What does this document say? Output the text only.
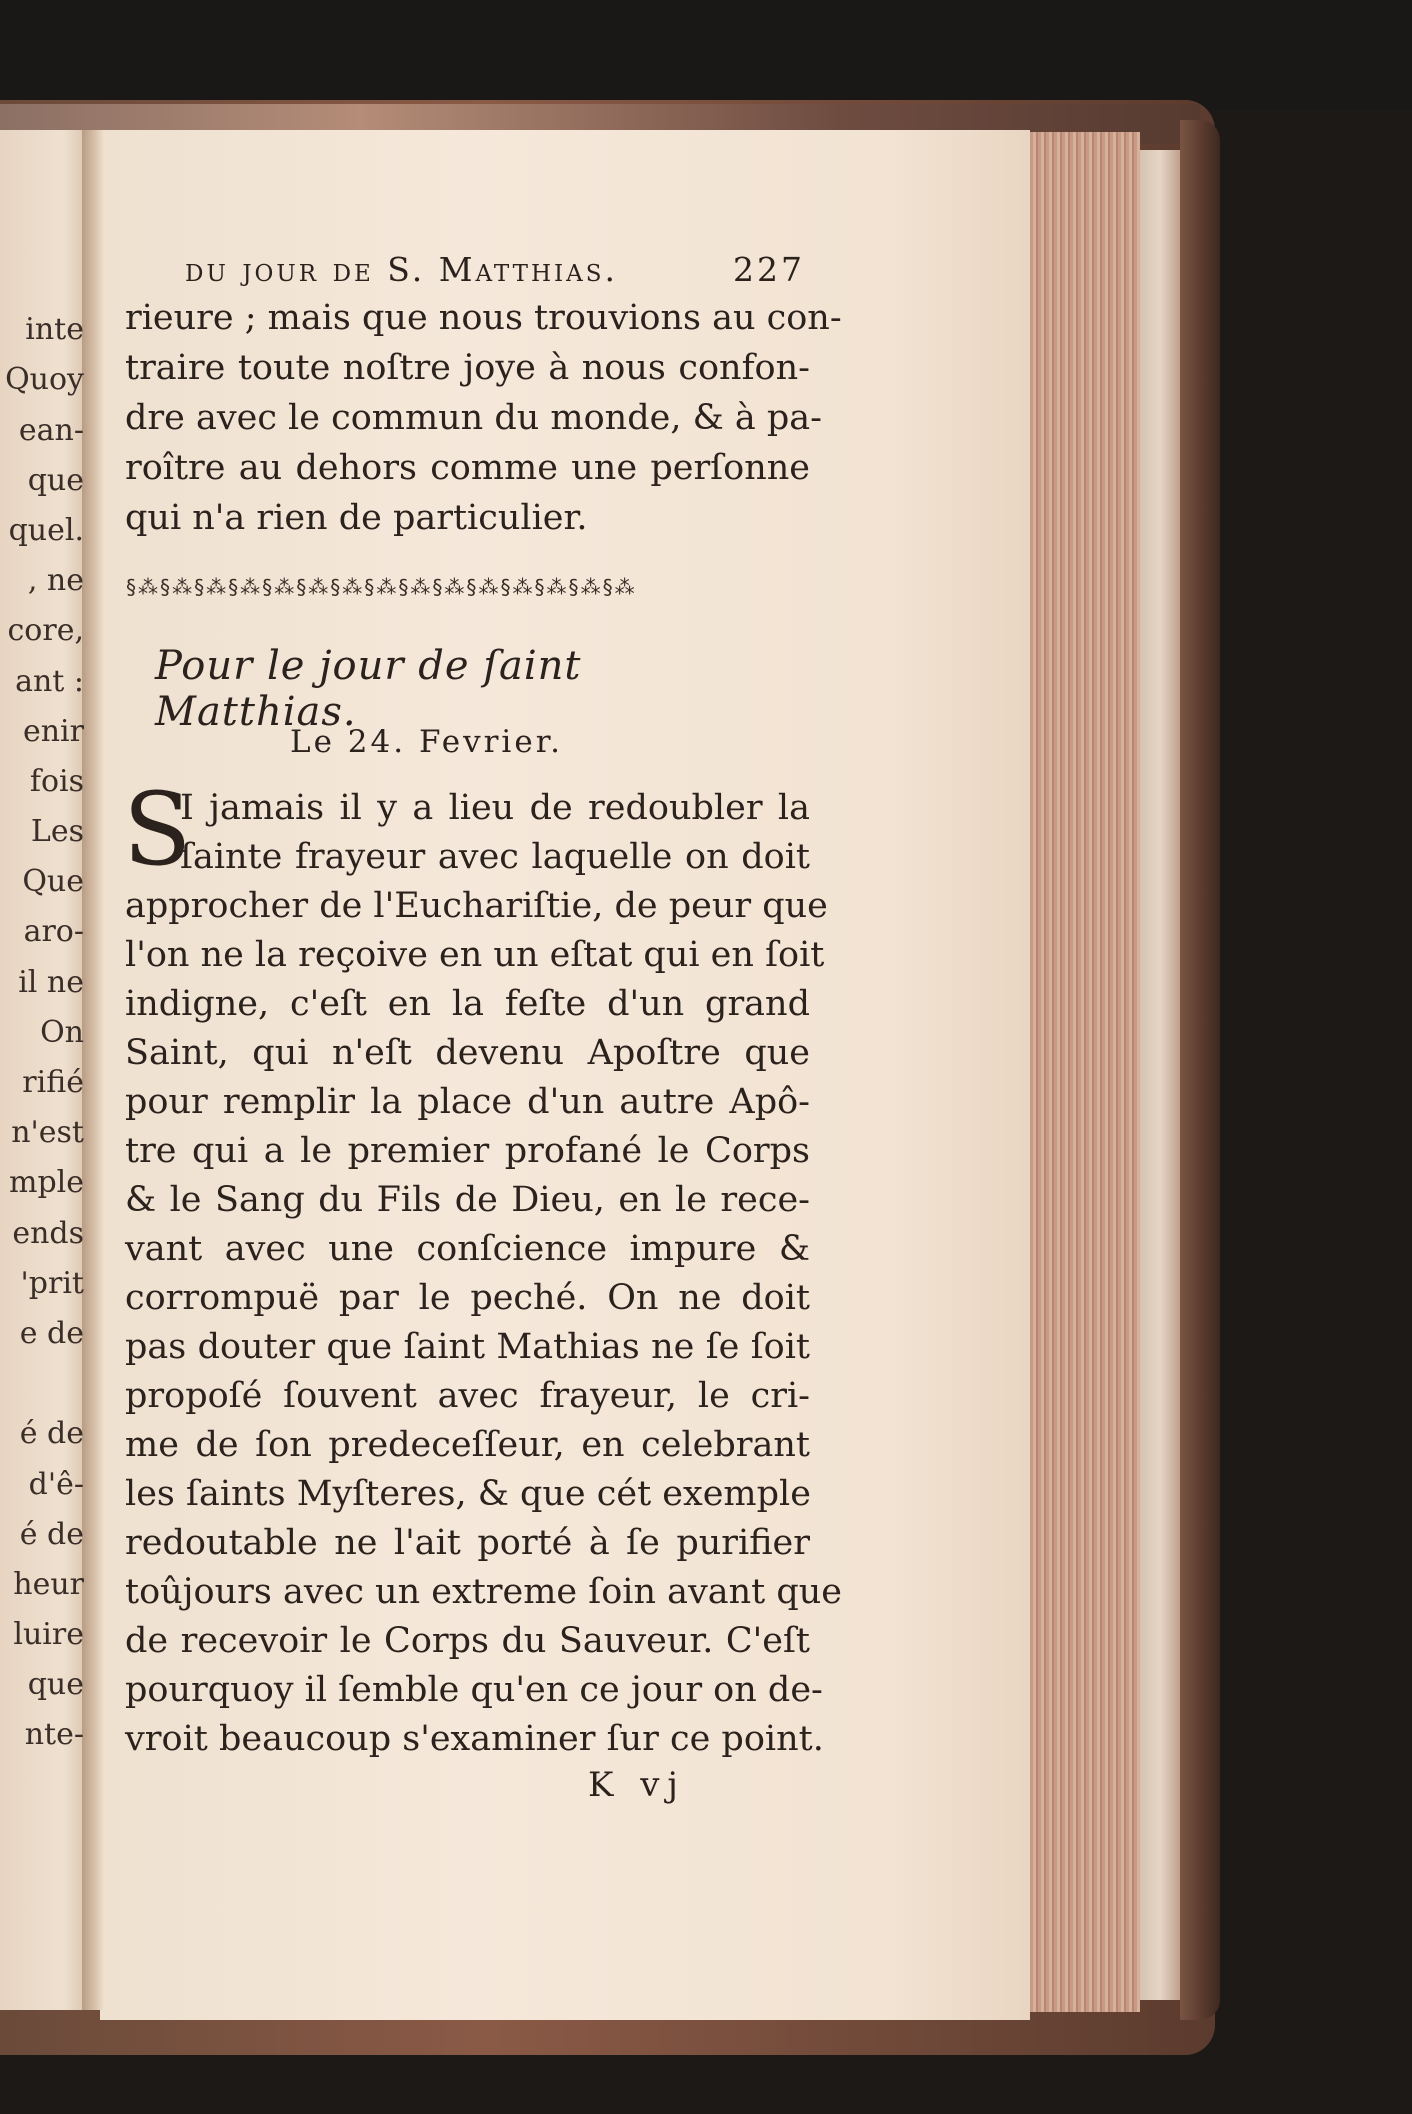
inte
Quoy
ean-
que
quel.
, ne
core,
ant :
enir
fois
Les
Que
aro-
il ne
On
rifié
n'est
mple
ends
'prit
e de
é de
d'ê-
é de
heur
luire
que
nte-
du jour de S. Matthias.	227
rieure ; mais que nous trouvions au con-
traire toute noſtre joye à nous confon-
dre avec le commun du monde, & à pa-
roître au dehors comme une perſonne
qui n'a rien de particulier.
§⁂§⁂§⁂§⁂§⁂§⁂§⁂§⁂§⁂§⁂§⁂§⁂§⁂§⁂§⁂
Pour le jour de ſaint Matthias.
Le 24. Fevrier.
S
I jamais il y a lieu de redoubler la
ſainte frayeur avec laquelle on doit
approcher de l'Euchariſtie, de peur que
l'on ne la reçoive en un eſtat qui en ſoit
indigne, c'eſt en la feſte d'un grand
Saint, qui n'eſt devenu Apoſtre que
pour remplir la place d'un autre Apô-
tre qui a le premier profané le Corps
& le Sang du Fils de Dieu, en le rece-
vant avec une conſcience impure &
corrompuë par le peché. On ne doit
pas douter que ſaint Mathias ne ſe ſoit
propoſé ſouvent avec frayeur, le cri-
me de ſon predeceſſeur, en celebrant
les ſaints Myſteres, & que cét exemple
redoutable ne l'ait porté à ſe purifier
toûjours avec un extreme ſoin avant que
de recevoir le Corps du Sauveur. C'eſt
pourquoy il ſemble qu'en ce jour on de-
vroit beaucoup s'examiner ſur ce point.
K vj
